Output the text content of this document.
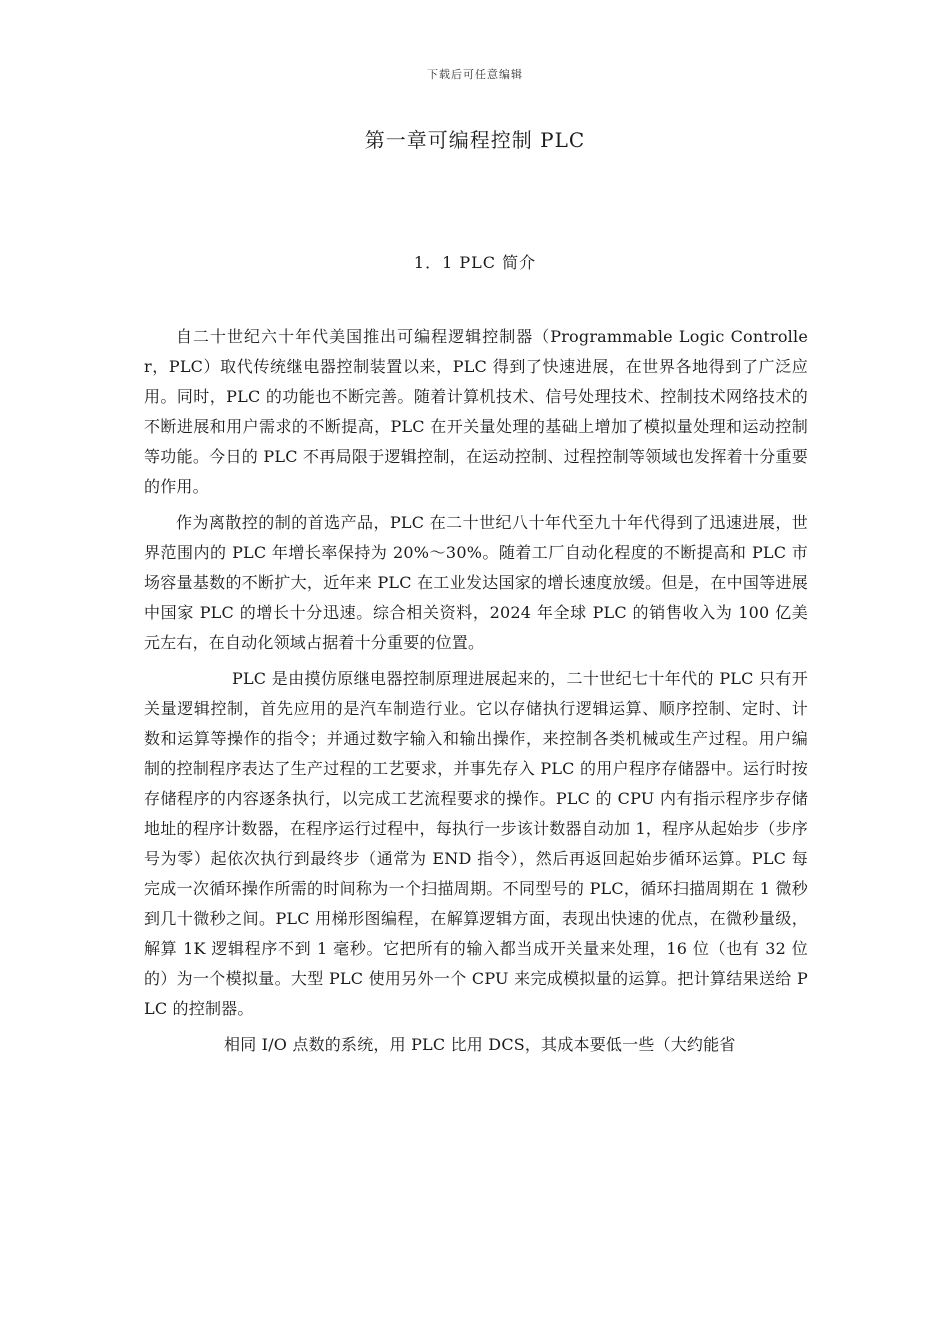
下载后可任意编辑
第一章可编程控制 PLC
1．1 PLC 简介

自二十世纪六十年代美国推出可编程逻辑控制器（Programmable Logic Controller，PLC）取代传统继电器控制装置以来，PLC 得到了快速进展，在世界各地得到了广泛应用。同时，PLC 的功能也不断完善。随着计算机技术、信号处理技术、控制技术网络技术的不断进展和用户需求的不断提高，PLC 在开关量处理的基础上增加了模拟量处理和运动控制等功能。今日的 PLC 不再局限于逻辑控制，在运动控制、过程控制等领域也发挥着十分重要的作用。

作为离散控的制的首选产品，PLC 在二十世纪八十年代至九十年代得到了迅速进展，世界范围内的 PLC 年增长率保持为 20%～30%。随着工厂自动化程度的不断提高和 PLC 市场容量基数的不断扩大，近年来 PLC 在工业发达国家的增长速度放缓。但是，在中国等进展中国家 PLC 的增长十分迅速。综合相关资料，2024 年全球 PLC 的销售收入为 100 亿美元左右，在自动化领域占据着十分重要的位置。

PLC 是由摸仿原继电器控制原理进展起来的，二十世纪七十年代的 PLC 只有开关量逻辑控制，首先应用的是汽车制造行业。它以存储执行逻辑运算、顺序控制、定时、计数和运算等操作的指令；并通过数字输入和输出操作，来控制各类机械或生产过程。用户编制的控制程序表达了生产过程的工艺要求，并事先存入 PLC 的用户程序存储器中。运行时按存储程序的内容逐条执行，以完成工艺流程要求的操作。PLC 的 CPU 内有指示程序步存储地址的程序计数器，在程序运行过程中，每执行一步该计数器自动加 1，程序从起始步（步序号为零）起依次执行到最终步（通常为 END 指令），然后再返回起始步循环运算。PLC 每完成一次循环操作所需的时间称为一个扫描周期。不同型号的 PLC，循环扫描周期在 1 微秒到几十微秒之间。PLC 用梯形图编程，在解算逻辑方面，表现出快速的优点，在微秒量级，解算 1K 逻辑程序不到 1 毫秒。它把所有的输入都当成开关量来处理，16 位（也有 32 位的）为一个模拟量。大型 PLC 使用另外一个 CPU 来完成模拟量的运算。把计算结果送给 PLC 的控制器。

相同 I/O 点数的系统，用 PLC 比用 DCS，其成本要低一些（大约能省
